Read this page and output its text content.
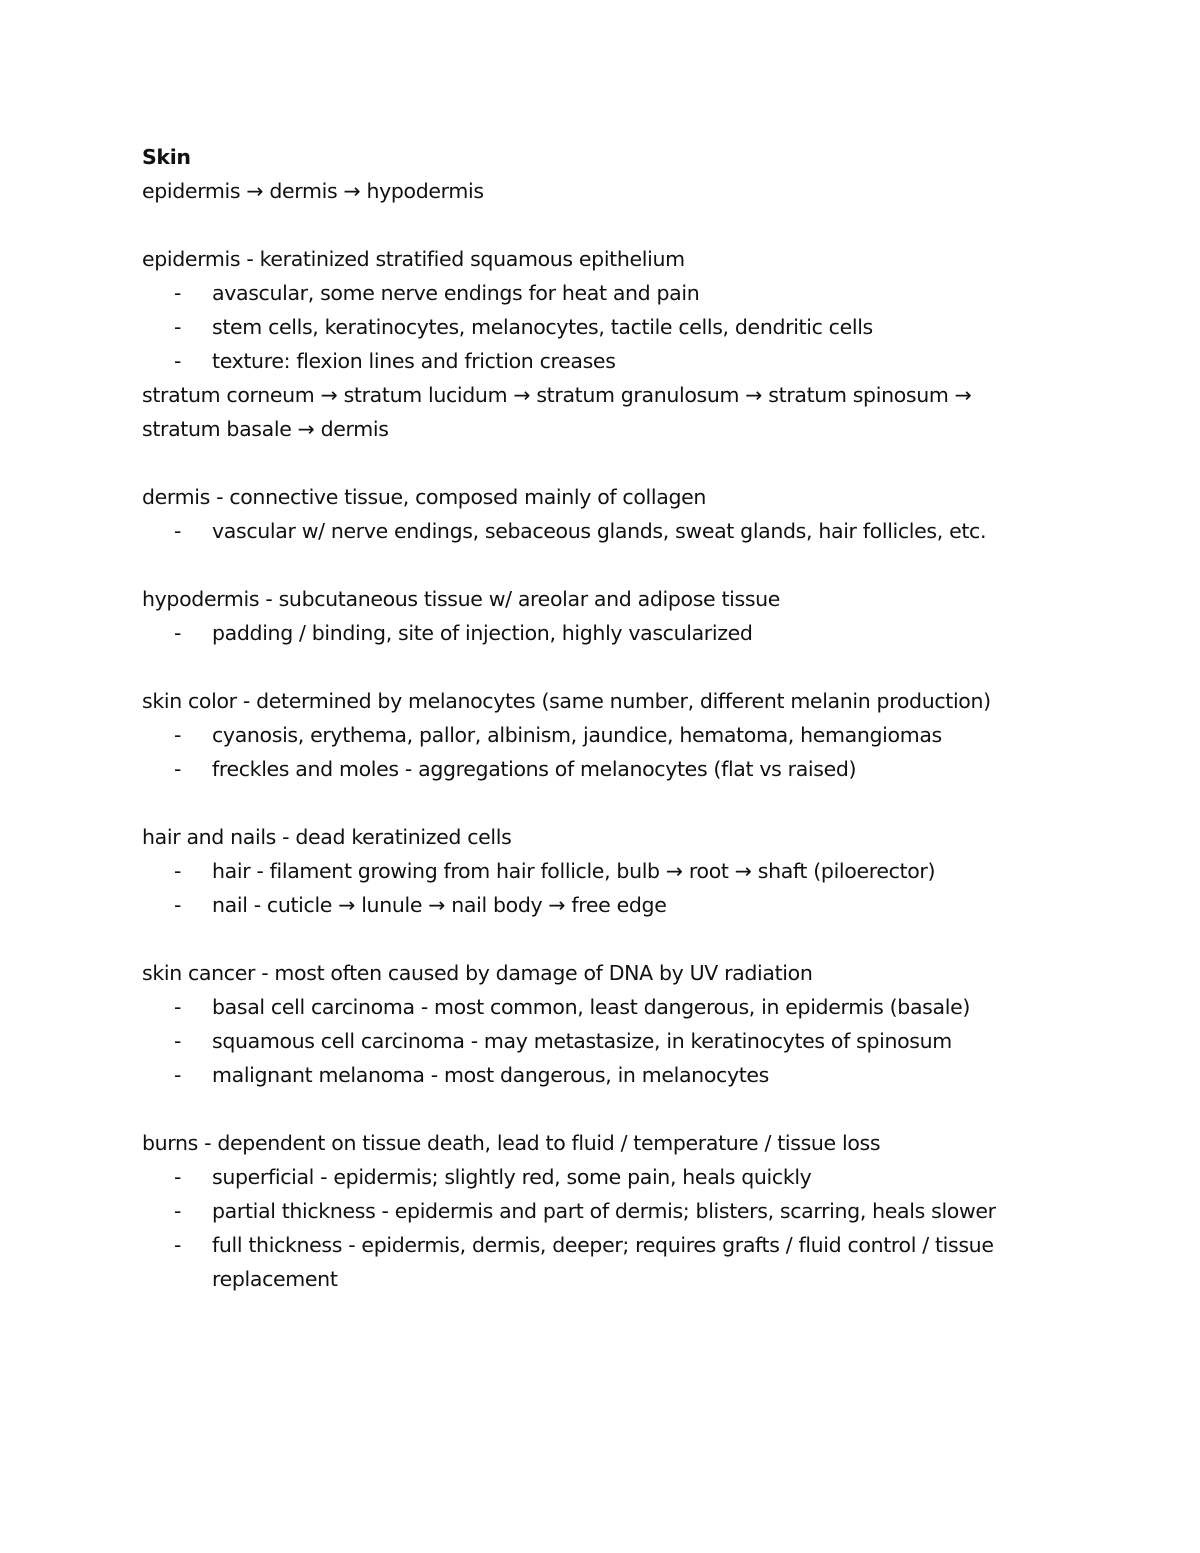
Skin
epidermis → dermis → hypodermis
epidermis - keratinized stratified squamous epithelium
- avascular, some nerve endings for heat and pain
- stem cells, keratinocytes, melanocytes, tactile cells, dendritic cells
- texture: flexion lines and friction creases
stratum corneum → stratum lucidum → stratum granulosum → stratum spinosum → stratum basale → dermis
dermis - connective tissue, composed mainly of collagen
- vascular w/ nerve endings, sebaceous glands, sweat glands, hair follicles, etc.
hypodermis - subcutaneous tissue w/ areolar and adipose tissue
- padding / binding, site of injection, highly vascularized
skin color - determined by melanocytes (same number, different melanin production)
- cyanosis, erythema, pallor, albinism, jaundice, hematoma, hemangiomas
- freckles and moles - aggregations of melanocytes (flat vs raised)
hair and nails - dead keratinized cells
- hair - filament growing from hair follicle, bulb → root → shaft (piloerector)
- nail - cuticle → lunule → nail body → free edge
skin cancer - most often caused by damage of DNA by UV radiation
- basal cell carcinoma - most common, least dangerous, in epidermis (basale)
- squamous cell carcinoma - may metastasize, in keratinocytes of spinosum
- malignant melanoma - most dangerous, in melanocytes
burns - dependent on tissue death, lead to fluid / temperature / tissue loss
- superficial - epidermis; slightly red, some pain, heals quickly
- partial thickness - epidermis and part of dermis; blisters, scarring, heals slower
- full thickness - epidermis, dermis, deeper; requires grafts / fluid control / tissue replacement
